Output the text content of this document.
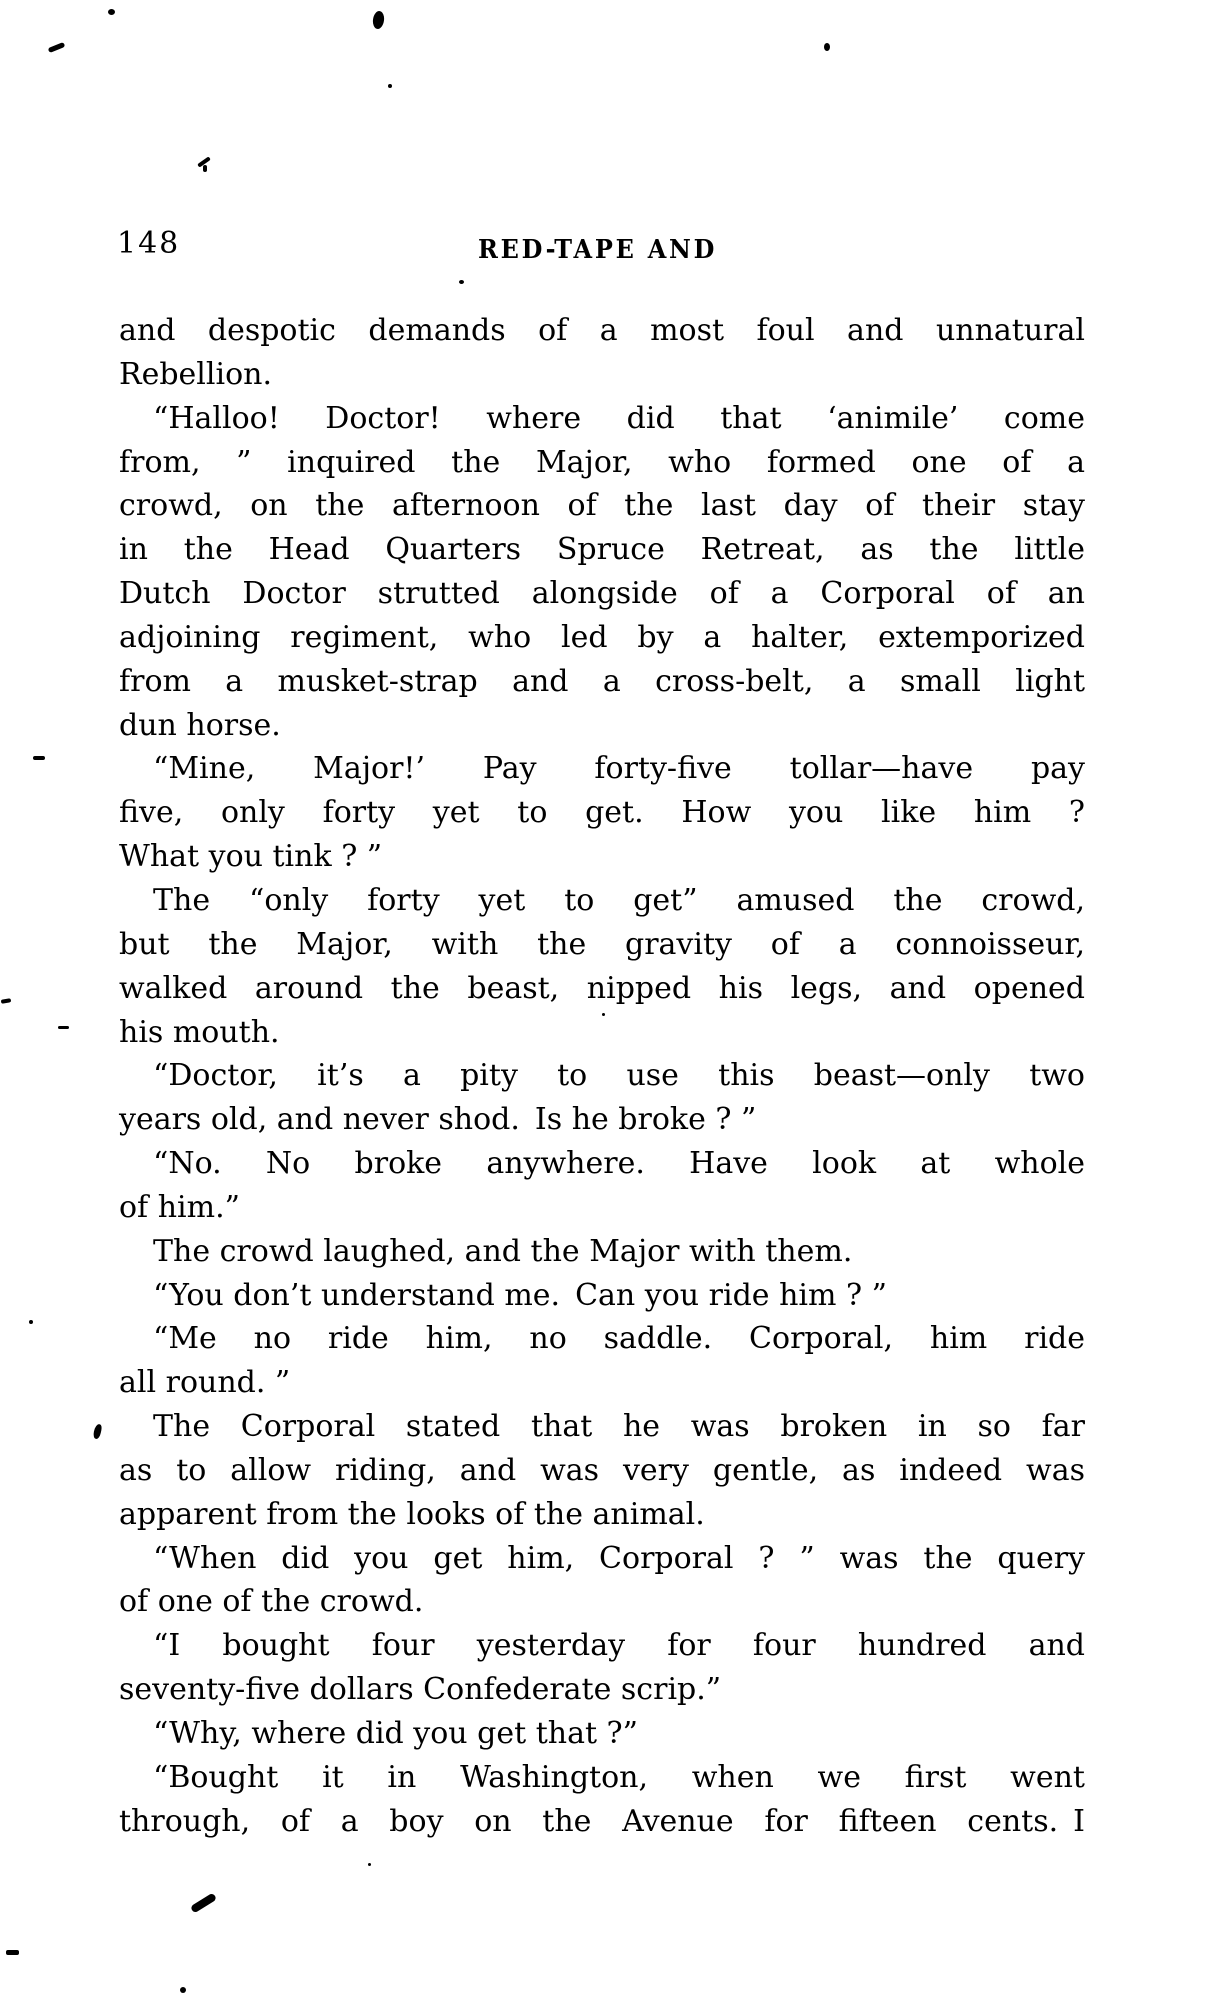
148	RED-TAPE AND
and despotic demands of a most foul and unnatural
Rebellion.
“Halloo! Doctor! where did that ‘animile’ come
from, ” inquired the Major, who formed one of a
crowd, on the afternoon of the last day of their stay
in the Head Quarters Spruce Retreat, as the little
Dutch Doctor strutted alongside of a Corporal of an
adjoining regiment, who led by a halter, extemporized
from a musket-strap and a cross-belt, a small light
dun horse.
“Mine, Major!’ Pay forty-five tollar—have pay
five, only forty yet to get. How you like him ?
What you tink ? ”
The “only forty yet to get” amused the crowd,
but the Major, with the gravity of a connoisseur,
walked around the beast, nipped his legs, and opened
his mouth.
“Doctor, it’s a pity to use this beast—only two
years old, and never shod. Is he broke ? ”
“No. No broke anywhere. Have look at whole
of him.”
The crowd laughed, and the Major with them.
“You don’t understand me. Can you ride him ? ”
“Me no ride him, no saddle. Corporal, him ride
all round. ”
The Corporal stated that he was broken in so far
as to allow riding, and was very gentle, as indeed was
apparent from the looks of the animal.
“When did you get him, Corporal ? ” was the query
of one of the crowd.
“I bought four yesterday for four hundred and
seventy-five dollars Confederate scrip.”
“Why, where did you get that ?”
“Bought it in Washington, when we first went
through, of a boy on the Avenue for fifteen cents. I
